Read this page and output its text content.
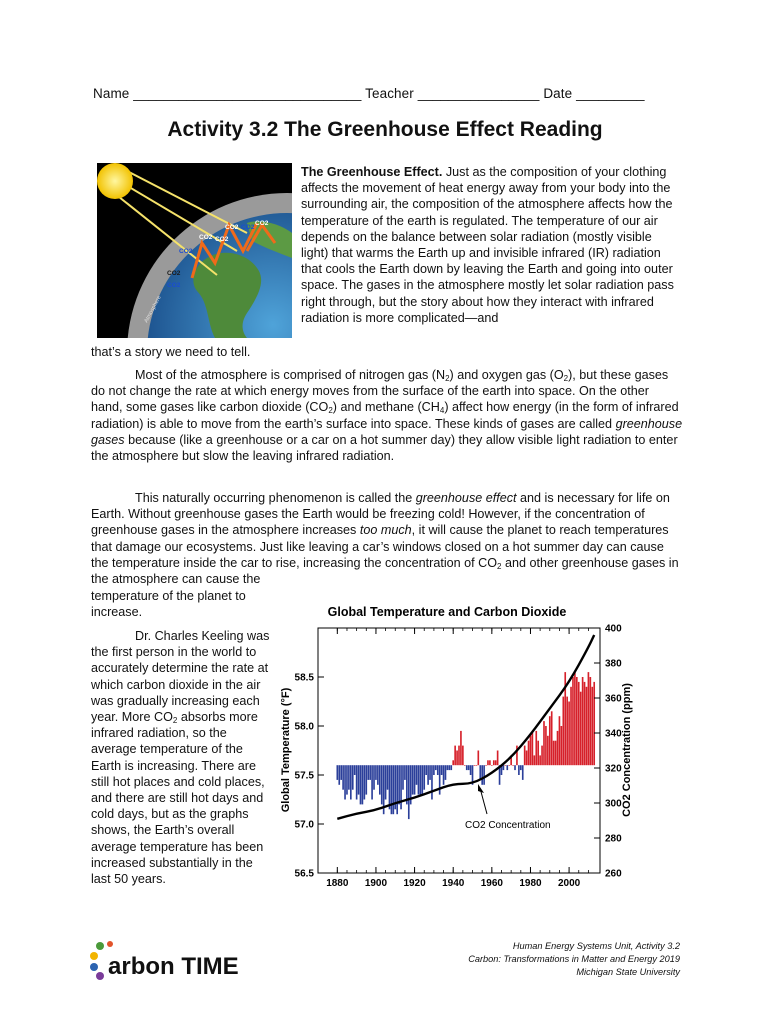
Name ______________________________ Teacher ________________ Date _________
Activity 3.2 The Greenhouse Effect Reading
CO2 CO2
CO2
CO2 CO2
CO2
CO2
CO2
Atmosphere

The Greenhouse Effect. Just as the composition of your clothing affects the movement of heat energy away from your body into the surrounding air, the composition of the atmosphere affects how the temperature of the earth is regulated. The temperature of our air depends on the balance between solar radiation (mostly visible light) that warms the Earth up and invisible infrared (IR) radiation that cools the Earth down by leaving the Earth and going into outer space. The gases in the atmosphere mostly let solar radiation pass right through, but the story about how they interact with infrared radiation is more complicated—and

that’s a story we need to tell.

Most of the atmosphere is comprised of nitrogen gas $(N_2)$ and oxygen gas $(O_2)$, but these gases do not change the rate at which energy moves from the surface of the earth into space. On the other hand, some gases like carbon dioxide $(CO_2)$ and methane $(CH_4)$ affect how energy (in the form of infrared radiation) is able to move from the earth’s surface into space. These kinds of gases are called greenhouse gases because (like a greenhouse or a car on a hot summer day) they allow visible light radiation to enter the atmosphere but slow the leaving infrared radiation.

This naturally occurring phenomenon is called the greenhouse effect and is necessary for life on Earth. Without greenhouse gases the Earth would be freezing cold! However, if the concentration of greenhouse gases in the atmosphere increases too much, it will cause the planet to reach temperatures that damage our ecosystems. Just like leaving a car’s windows closed on a hot summer day can cause the temperature inside the car to rise, increasing the concentration of $CO_2$ and other greenhouse gases in the atmosphere can cause the

temperature of the planet to increase.

Dr. Charles Keeling was the first person in the world to accurately determine the rate at which carbon dioxide in the air was gradually increasing each year. More $CO_2$ absorbs more infrared radiation, so the average temperature of the Earth is increasing. There are still hot places and cold places, and there are still hot days and cold days, but as the graphs shows, the Earth’s overall average temperature has been increased substantially in the last 50 years.

Global Temperature and Carbon Dioxide
1880 1900 1920 1940 1960 1980 2000
56.5
57.0
57.5
58.0
58.5
260
280
300
320
340
360
380
400
Global Temperature (°F)	CO2 Concentration (ppm)
CO2 Concentration
arbon TIME
Human Energy Systems Unit, Activity 3.2
Carbon: Transformations in Matter and Energy 2019
Michigan State University
